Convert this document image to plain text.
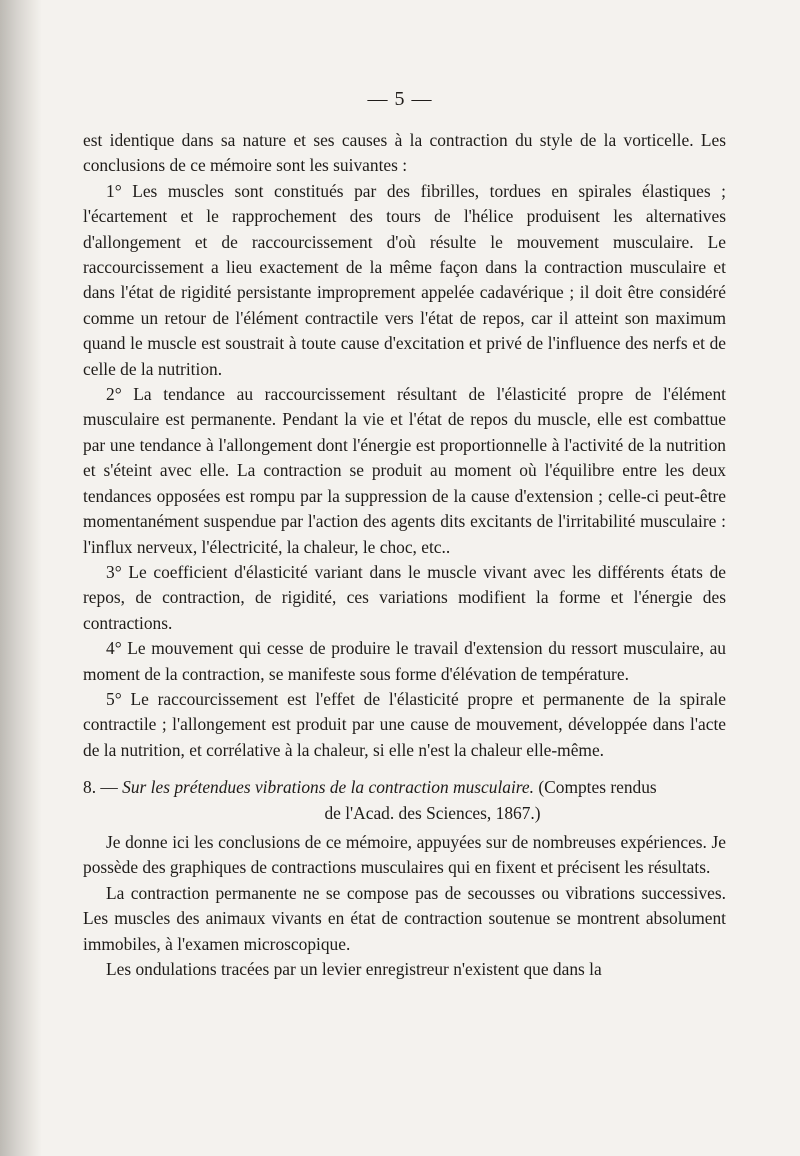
— 5 —

est identique dans sa nature et ses causes à la contraction du style de la vorticelle. Les conclusions de ce mémoire sont les suivantes :

1° Les muscles sont constitués par des fibrilles, tordues en spirales élastiques ; l'écartement et le rapprochement des tours de l'hélice produisent les alternatives d'allongement et de raccourcissement d'où résulte le mouvement musculaire. Le raccourcissement a lieu exactement de la même façon dans la contraction musculaire et dans l'état de rigidité persistante improprement appelée cadavérique ; il doit être considéré comme un retour de l'élément contractile vers l'état de repos, car il atteint son maximum quand le muscle est soustrait à toute cause d'excitation et privé de l'influence des nerfs et de celle de la nutrition.

2° La tendance au raccourcissement résultant de l'élasticité propre de l'élément musculaire est permanente. Pendant la vie et l'état de repos du muscle, elle est combattue par une tendance à l'allongement dont l'énergie est proportionnelle à l'activité de la nutrition et s'éteint avec elle. La contraction se produit au moment où l'équilibre entre les deux tendances opposées est rompu par la suppression de la cause d'extension ; celle-ci peut-être momentanément suspendue par l'action des agents dits excitants de l'irritabilité musculaire : l'influx nerveux, l'électricité, la chaleur, le choc, etc..

3° Le coefficient d'élasticité variant dans le muscle vivant avec les différents états de repos, de contraction, de rigidité, ces variations modifient la forme et l'énergie des contractions.

4° Le mouvement qui cesse de produire le travail d'extension du ressort musculaire, au moment de la contraction, se manifeste sous forme d'élévation de température.

5° Le raccourcissement est l'effet de l'élasticité propre et permanente de la spirale contractile ; l'allongement est produit par une cause de mouvement, développée dans l'acte de la nutrition, et corrélative à la chaleur, si elle n'est la chaleur elle-même.

8. — Sur les prétendues vibrations de la contraction musculaire. (Comptes rendus
de l'Acad. des Sciences, 1867.)

Je donne ici les conclusions de ce mémoire, appuyées sur de nombreuses expériences. Je possède des graphiques de contractions musculaires qui en fixent et précisent les résultats.

La contraction permanente ne se compose pas de secousses ou vibrations successives. Les muscles des animaux vivants en état de contraction soutenue se montrent absolument immobiles, à l'examen microscopique.

Les ondulations tracées par un levier enregistreur n'existent que dans la
